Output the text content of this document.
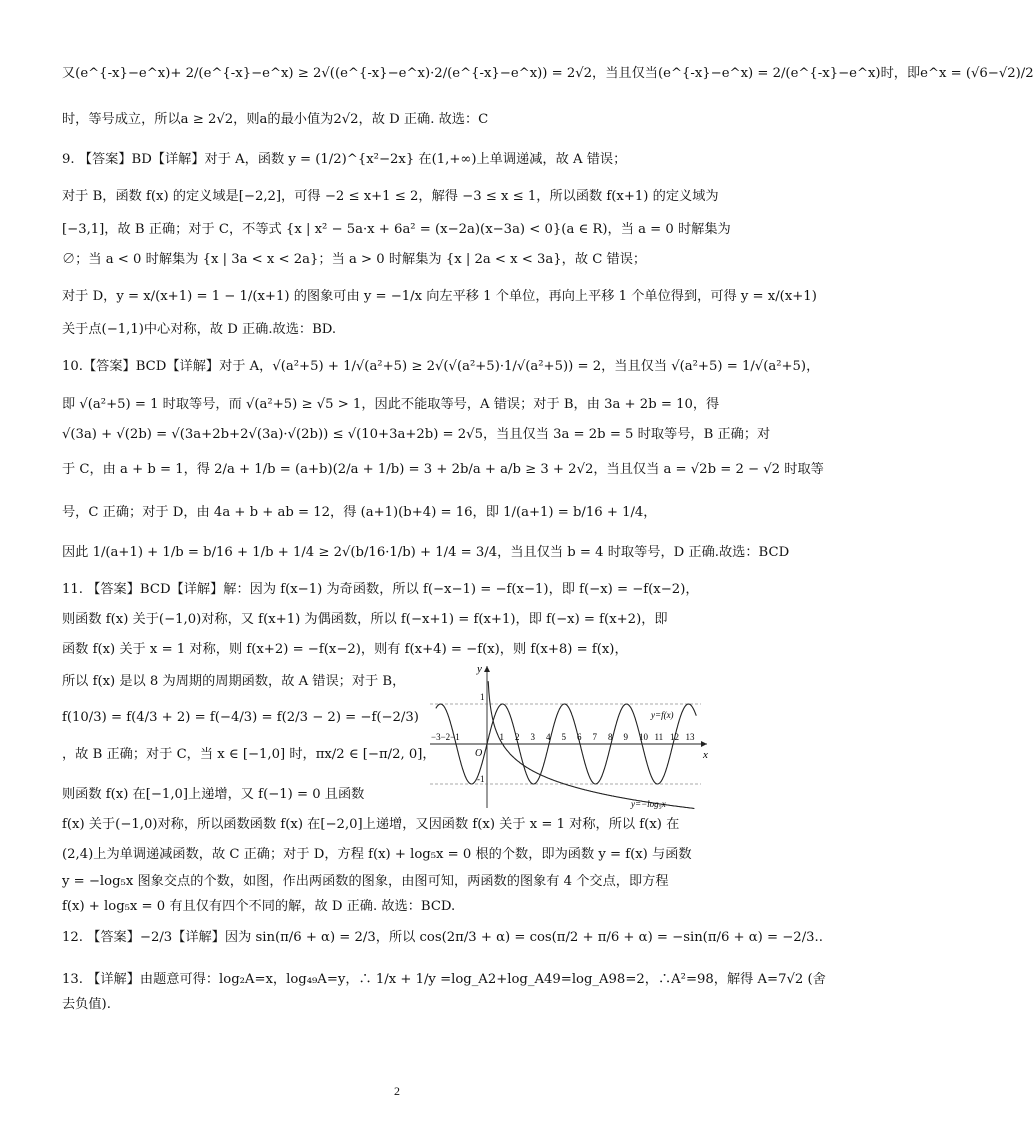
又(e^{-x}−e^x)+ 2/(e^{-x}−e^x) ≥ 2√((e^{-x}−e^x)·2/(e^{-x}−e^x)) = 2√2，当且仅当(e^{-x}−e^x) = 2/(e^{-x}−e^x)时，即e^x = (√6−√2)/2
时，等号成立，所以a ≥ 2√2，则a的最小值为2√2，故 D 正确. 故选：C
9. 【答案】BD【详解】对于 A，函数 y = (1/2)^{x²−2x} 在(1,+∞)上单调递减，故 A 错误；
对于 B，函数 f(x) 的定义域是[−2,2]，可得 −2 ≤ x+1 ≤ 2，解得 −3 ≤ x ≤ 1，所以函数 f(x+1) 的定义域为
[−3,1]，故 B 正确；对于 C，不等式 {x | x² − 5a·x + 6a² = (x−2a)(x−3a) < 0}(a ∈ R)，当 a = 0 时解集为
∅；当 a < 0 时解集为 {x | 3a < x < 2a}；当 a > 0 时解集为 {x | 2a < x < 3a}，故 C 错误；
对于 D，y = x/(x+1) = 1 − 1/(x+1) 的图象可由 y = −1/x 向左平移 1 个单位，再向上平移 1 个单位得到，可得 y = x/(x+1)
关于点(−1,1)中心对称，故 D 正确.故选：BD.
10.【答案】BCD【详解】对于 A，√(a²+5) + 1/√(a²+5) ≥ 2√(√(a²+5)·1/√(a²+5)) = 2，当且仅当 √(a²+5) = 1/√(a²+5)，
即 √(a²+5) = 1 时取等号，而 √(a²+5) ≥ √5 > 1，因此不能取等号，A 错误；对于 B，由 3a + 2b = 10，得
√(3a) + √(2b) = √(3a+2b+2√(3a)·√(2b)) ≤ √(10+3a+2b) = 2√5，当且仅当 3a = 2b = 5 时取等号，B 正确；对
于 C，由 a + b = 1，得 2/a + 1/b = (a+b)(2/a + 1/b) = 3 + 2b/a + a/b ≥ 3 + 2√2，当且仅当 a = √2b = 2 − √2 时取等
号，C 正确；对于 D，由 4a + b + ab = 12，得 (a+1)(b+4) = 16，即 1/(a+1) = b/16 + 1/4，
因此 1/(a+1) + 1/b = b/16 + 1/b + 1/4 ≥ 2√(b/16·1/b) + 1/4 = 3/4，当且仅当 b = 4 时取等号，D 正确.故选：BCD
11. 【答案】BCD【详解】解：因为 f(x−1) 为奇函数，所以 f(−x−1) = −f(x−1)，即 f(−x) = −f(x−2)，
则函数 f(x) 关于(−1,0)对称，又 f(x+1) 为偶函数，所以 f(−x+1) = f(x+1)，即 f(−x) = f(x+2)，即
函数 f(x) 关于 x = 1 对称，则 f(x+2) = −f(x−2)，则有 f(x+4) = −f(x)，则 f(x+8) = f(x)，
所以 f(x) 是以 8 为周期的周期函数，故 A 错误；对于 B，
f(10/3) = f(4/3 + 2) = f(−4/3) = f(2/3 − 2) = −f(−2/3)
，故 B 正确；对于 C，当 x ∈ [−1,0] 时，πx/2 ∈ [−π/2, 0]，
则函数 f(x) 在[−1,0]上递增，又 f(−1) = 0 且函数
f(x) 关于(−1,0)对称，所以函数函数 f(x) 在[−2,0]上递增，又因函数 f(x) 关于 x = 1 对称，所以 f(x) 在
(2,4)上为单调递减函数，故 C 正确；对于 D，方程 f(x) + log₅x = 0 根的个数，即为函数 y = f(x) 与函数
y = −log₅x 图象交点的个数，如图，作出两函数的图象，由图可知，两函数的图象有 4 个交点，即方程
f(x) + log₅x = 0 有且仅有四个不同的解，故 D 正确. 故选：BCD.
12. 【答案】−2/3【详解】因为 sin(π/6 + α) = 2/3，所以 cos(2π/3 + α) = cos(π/2 + π/6 + α) = −sin(π/6 + α) = −2/3..
13. 【详解】由题意可得：log₂A=x，log₄₉A=y，∴ 1/x + 1/y =log_A2+log_A49=log_A98=2，∴A²=98，解得 A=7√2 (舍
去负值).
y
x
O
1
-1
−3−2−1
y=f(x)
y=−log₅x
1 2 3 4 5 6 7 8 9 10 11 12 13
2
